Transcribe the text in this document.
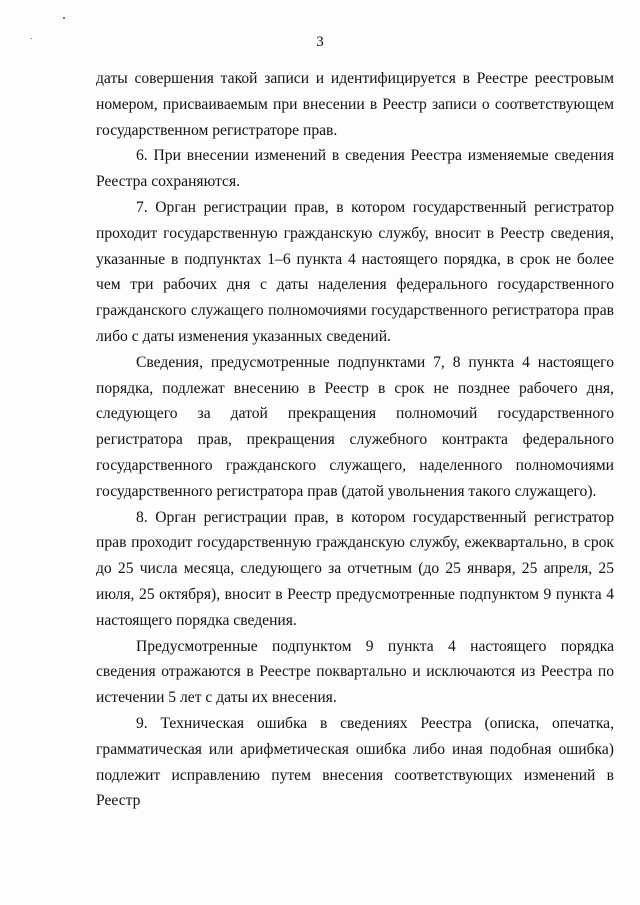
3

даты совершения такой записи и идентифицируется в Реестре реестровым номером, присваиваемым при внесении в Реестр записи о соответствующем государственном регистраторе прав.

6. При внесении изменений в сведения Реестра изменяемые сведения Реестра сохраняются.

7. Орган регистрации прав, в котором государственный регистратор проходит государственную гражданскую службу, вносит в Реестр сведения, указанные в подпунктах 1–6 пункта 4 настоящего порядка, в срок не более чем три рабочих дня с даты наделения федерального государственного гражданского служащего полномочиями государственного регистратора прав либо с даты изменения указанных сведений.

Сведения, предусмотренные подпунктами 7, 8 пункта 4 настоящего порядка, подлежат внесению в Реестр в срок не позднее рабочего дня, следующего за датой прекращения полномочий государственного регистратора прав, прекращения служебного контракта федерального государственного гражданского служащего, наделенного полномочиями государственного регистратора прав (датой увольнения такого служащего).

8. Орган регистрации прав, в котором государственный регистратор прав проходит государственную гражданскую службу, ежеквартально, в срок до 25 числа месяца, следующего за отчетным (до 25 января, 25 апреля, 25 июля, 25 октября), вносит в Реестр предусмотренные подпунктом 9 пункта 4 настоящего порядка сведения.

Предусмотренные подпунктом 9 пункта 4 настоящего порядка сведения отражаются в Реестре поквартально и исключаются из Реестра по истечении 5 лет с даты их внесения.

9. Техническая ошибка в сведениях Реестра (описка, опечатка, грамматическая или арифметическая ошибка либо иная подобная ошибка) подлежит исправлению путем внесения соответствующих изменений в Реестр
